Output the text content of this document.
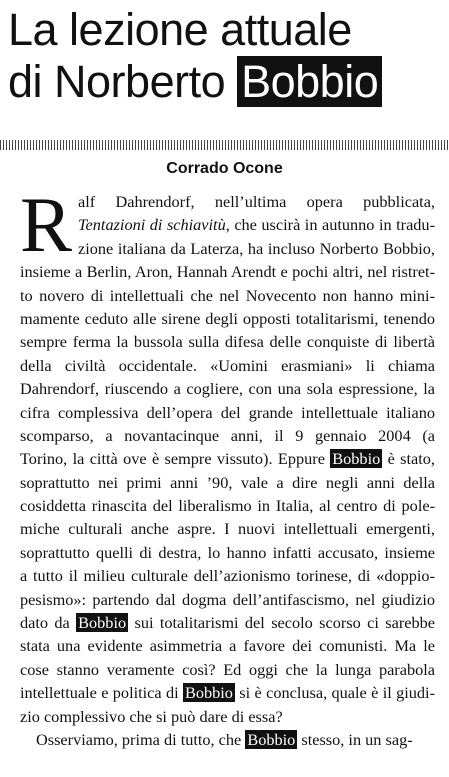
La lezione attuale
di Norberto Bobbio
Corrado Ocone
R alf Dahrendorf, nell’ultima opera pubblicata,
Tentazioni di schiavitù, che uscirà in autunno in tradu-
zione italiana da Laterza, ha incluso Norberto Bobbio,
insieme a Berlin, Aron, Hannah Arendt e pochi altri, nel ristret-
to novero di intellettuali che nel Novecento non hanno mini-
mamente ceduto alle sirene degli opposti totalitarismi, tenendo
sempre ferma la bussola sulla difesa delle conquiste di libertà
della civiltà occidentale. «Uomini erasmiani» li chiama
Dahrendorf, riuscendo a cogliere, con una sola espressione, la
cifra complessiva dell’opera del grande intellettuale italiano
scomparso, a novantacinque anni, il 9 gennaio 2004 (a
Torino, la città ove è sempre vissuto). Eppure Bobbio è stato,
soprattutto nei primi anni ’90, vale a dire negli anni della
cosiddetta rinascita del liberalismo in Italia, al centro di pole-
miche culturali anche aspre. I nuovi intellettuali emergenti,
soprattutto quelli di destra, lo hanno infatti accusato, insieme
a tutto il milieu culturale dell’azionismo torinese, di «doppio-
pesismo»: partendo dal dogma dell’antifascismo, nel giudizio
dato da Bobbio sui totalitarismi del secolo scorso ci sarebbe
stata una evidente asimmetria a favore dei comunisti. Ma le
cose stanno veramente così? Ed oggi che la lunga parabola
intellettuale e politica di Bobbio si è conclusa, quale è il giudi-
zio complessivo che si può dare di essa?
Osserviamo, prima di tutto, che Bobbio stesso, in un sag-
